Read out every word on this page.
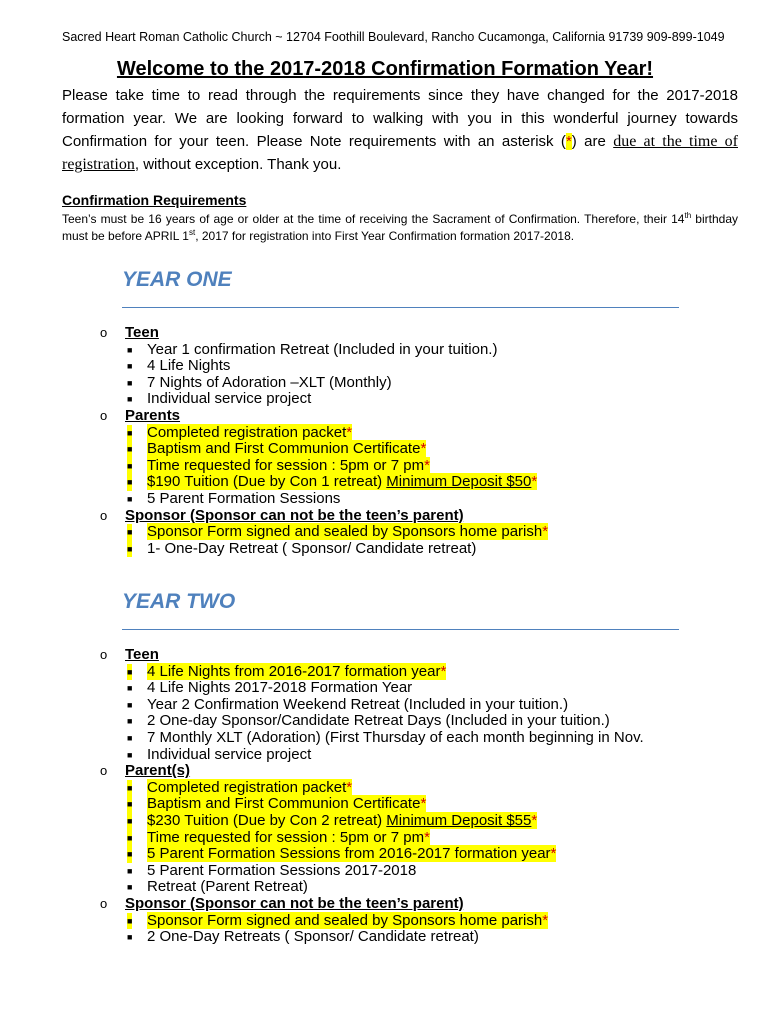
Sacred Heart Roman Catholic Church ~ 12704 Foothill Boulevard, Rancho Cucamonga, California 91739 909-899-1049
Welcome to the 2017-2018 Confirmation Formation Year!

Please take time to read through the requirements since they have changed for the 2017-2018 formation year. We are looking forward to walking with you in this wonderful journey towards Confirmation for your teen. Please Note requirements with an asterisk (*) are due at the time of registration, without exception. Thank you.

Confirmation Requirements
Teen’s must be 16 years of age or older at the time of receiving the Sacrament of Confirmation. Therefore, their 14th birthday must be before APRIL 1st, 2017 for registration into First Year Confirmation formation 2017-2018.
YEAR ONE
o Teen
■ Year 1 confirmation Retreat (Included in your tuition.)
■ 4 Life Nights
■ 7 Nights of Adoration –XLT (Monthly)
■ Individual service project
o Parents
■ Completed registration packet*
■ Baptism and First Communion Certificate*
■ Time requested for session : 5pm or 7 pm*
■ $190 Tuition (Due by Con 1 retreat) Minimum Deposit $50*
■ 5 Parent Formation Sessions
o Sponsor (Sponsor can not be the teen’s parent)
■ Sponsor Form signed and sealed by Sponsors home parish*
■ 1- One-Day Retreat ( Sponsor/ Candidate retreat)
YEAR TWO
o Teen
■ 4 Life Nights from 2016-2017 formation year*
■ 4 Life Nights 2017-2018 Formation Year
■ Year 2 Confirmation Weekend Retreat (Included in your tuition.)
■ 2 One-day Sponsor/Candidate Retreat Days (Included in your tuition.)
■ 7 Monthly XLT (Adoration) (First Thursday of each month beginning in Nov.
■ Individual service project
o Parent(s)
■ Completed registration packet*
■ Baptism and First Communion Certificate*
■ $230 Tuition (Due by Con 2 retreat) Minimum Deposit $55*
■ Time requested for session : 5pm or 7 pm*
■ 5 Parent Formation Sessions from 2016-2017 formation year*
■ 5 Parent Formation Sessions 2017-2018
■ Retreat (Parent Retreat)
o Sponsor (Sponsor can not be the teen’s parent)
■ Sponsor Form signed and sealed by Sponsors home parish*
■ 2 One-Day Retreats ( Sponsor/ Candidate retreat)
